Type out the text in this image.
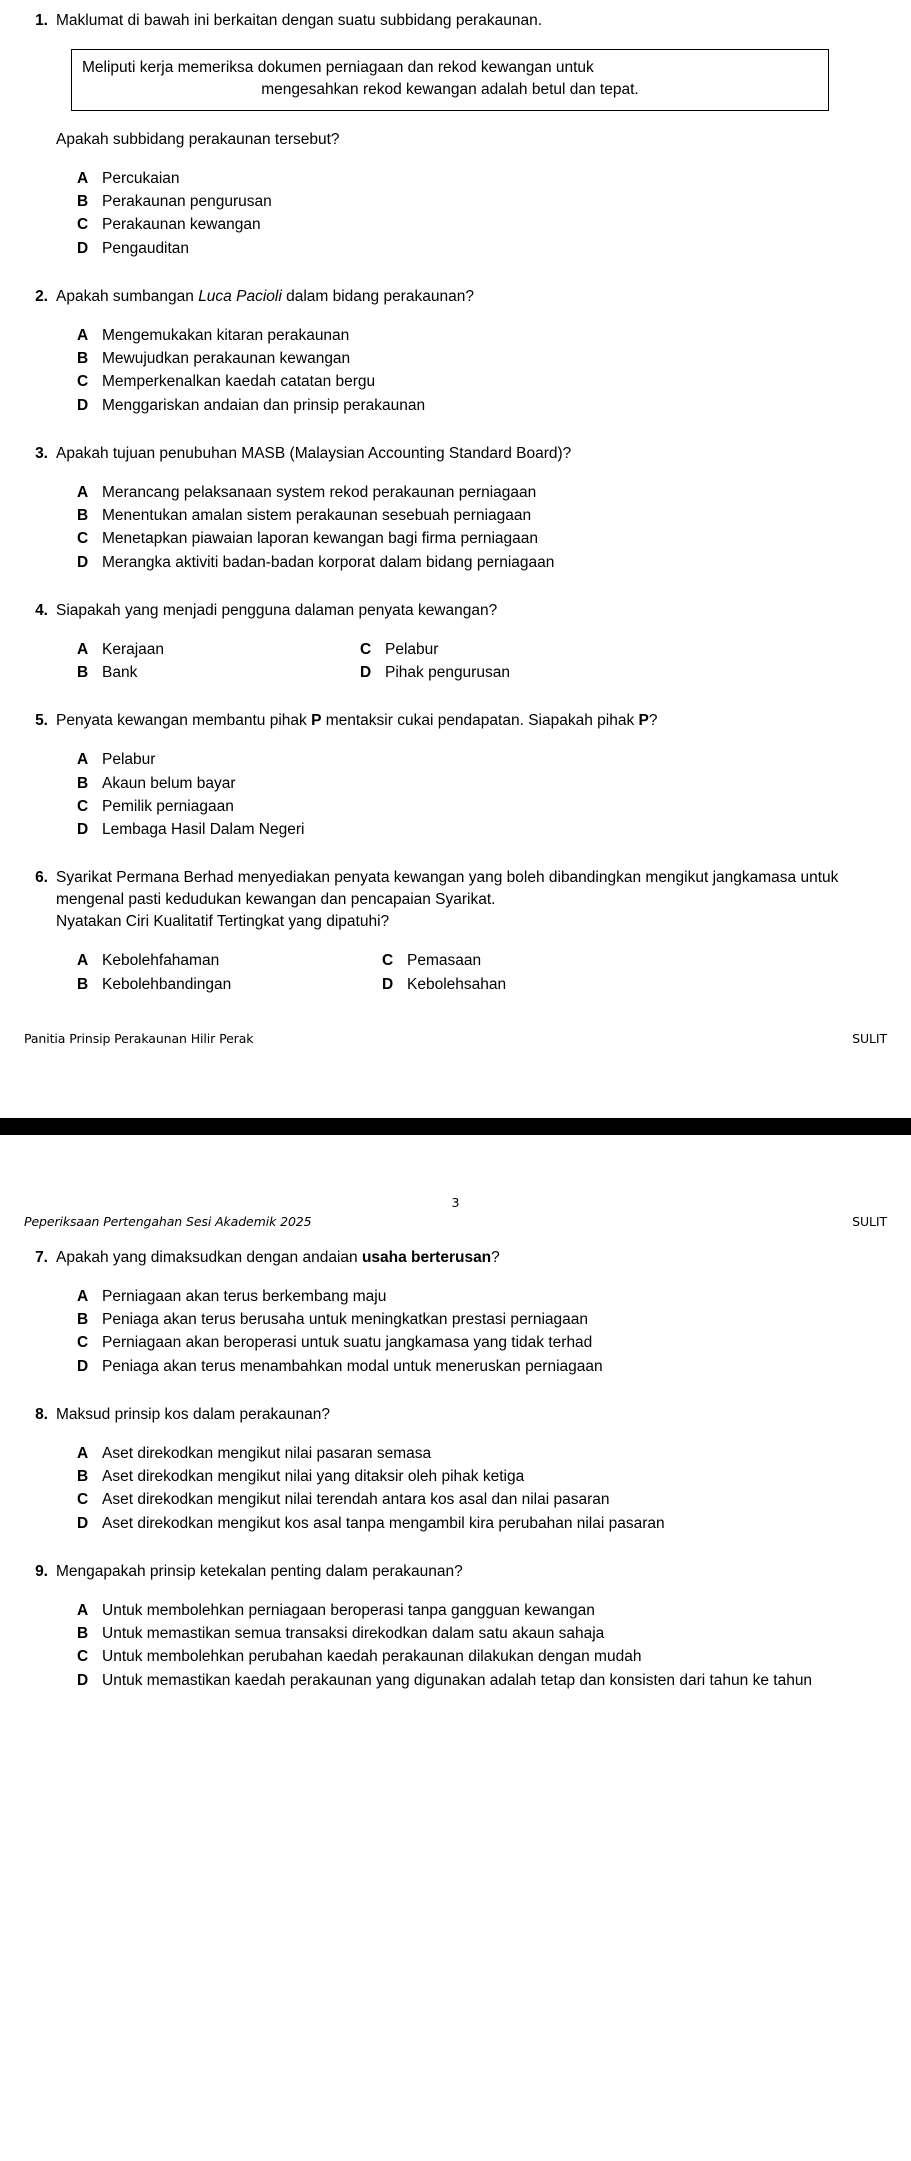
1. Maklumat di bawah ini berkaitan dengan suatu subbidang perakaunan.
Meliputi kerja memeriksa dokumen perniagaan dan rekod kewangan untuk
mengesahkan rekod kewangan adalah betul dan tepat.
Apakah subbidang perakaunan tersebut?
A Percukaian
B Perakaunan pengurusan
C Perakaunan kewangan
D Pengauditan
2. Apakah sumbangan Luca Pacioli dalam bidang perakaunan?
A Mengemukakan kitaran perakaunan
B Mewujudkan perakaunan kewangan
C Memperkenalkan kaedah catatan bergu
D Menggariskan andaian dan prinsip perakaunan
3. Apakah tujuan penubuhan MASB (Malaysian Accounting Standard Board)?
A Merancang pelaksanaan system rekod perakaunan perniagaan
B Menentukan amalan sistem perakaunan sesebuah perniagaan
C Menetapkan piawaian laporan kewangan bagi firma perniagaan
D Merangka aktiviti badan-badan korporat dalam bidang perniagaan
4. Siapakah yang menjadi pengguna dalaman penyata kewangan?
A Kerajaan	C Pelabur
B Bank	D Pihak pengurusan
5. Penyata kewangan membantu pihak P mentaksir cukai pendapatan. Siapakah pihak P?
A Pelabur
B Akaun belum bayar
C Pemilik perniagaan
D Lembaga Hasil Dalam Negeri
6. Syarikat Permana Berhad menyediakan penyata kewangan yang boleh dibandingkan mengikut jangkamasa untuk mengenal pasti kedudukan kewangan dan pencapaian Syarikat.
Nyatakan Ciri Kualitatif Tertingkat yang dipatuhi?
A Kebolehfahaman	C Pemasaan
B Kebolehbandingan	D Kebolehsahan
Panitia Prinsip Perakaunan Hilir Perak	SULIT
3
Peperiksaan Pertengahan Sesi Akademik 2025	SULIT
7. Apakah yang dimaksudkan dengan andaian usaha berterusan?
A Perniagaan akan terus berkembang maju
B Peniaga akan terus berusaha untuk meningkatkan prestasi perniagaan
C Perniagaan akan beroperasi untuk suatu jangkamasa yang tidak terhad
D Peniaga akan terus menambahkan modal untuk meneruskan perniagaan
8. Maksud prinsip kos dalam perakaunan?
A Aset direkodkan mengikut nilai pasaran semasa
B Aset direkodkan mengikut nilai yang ditaksir oleh pihak ketiga
C Aset direkodkan mengikut nilai terendah antara kos asal dan nilai pasaran
D Aset direkodkan mengikut kos asal tanpa mengambil kira perubahan nilai pasaran
9. Mengapakah prinsip ketekalan penting dalam perakaunan?
A Untuk membolehkan perniagaan beroperasi tanpa gangguan kewangan
B Untuk memastikan semua transaksi direkodkan dalam satu akaun sahaja
C Untuk membolehkan perubahan kaedah perakaunan dilakukan dengan mudah
D Untuk memastikan kaedah perakaunan yang digunakan adalah tetap dan konsisten dari tahun ke tahun
